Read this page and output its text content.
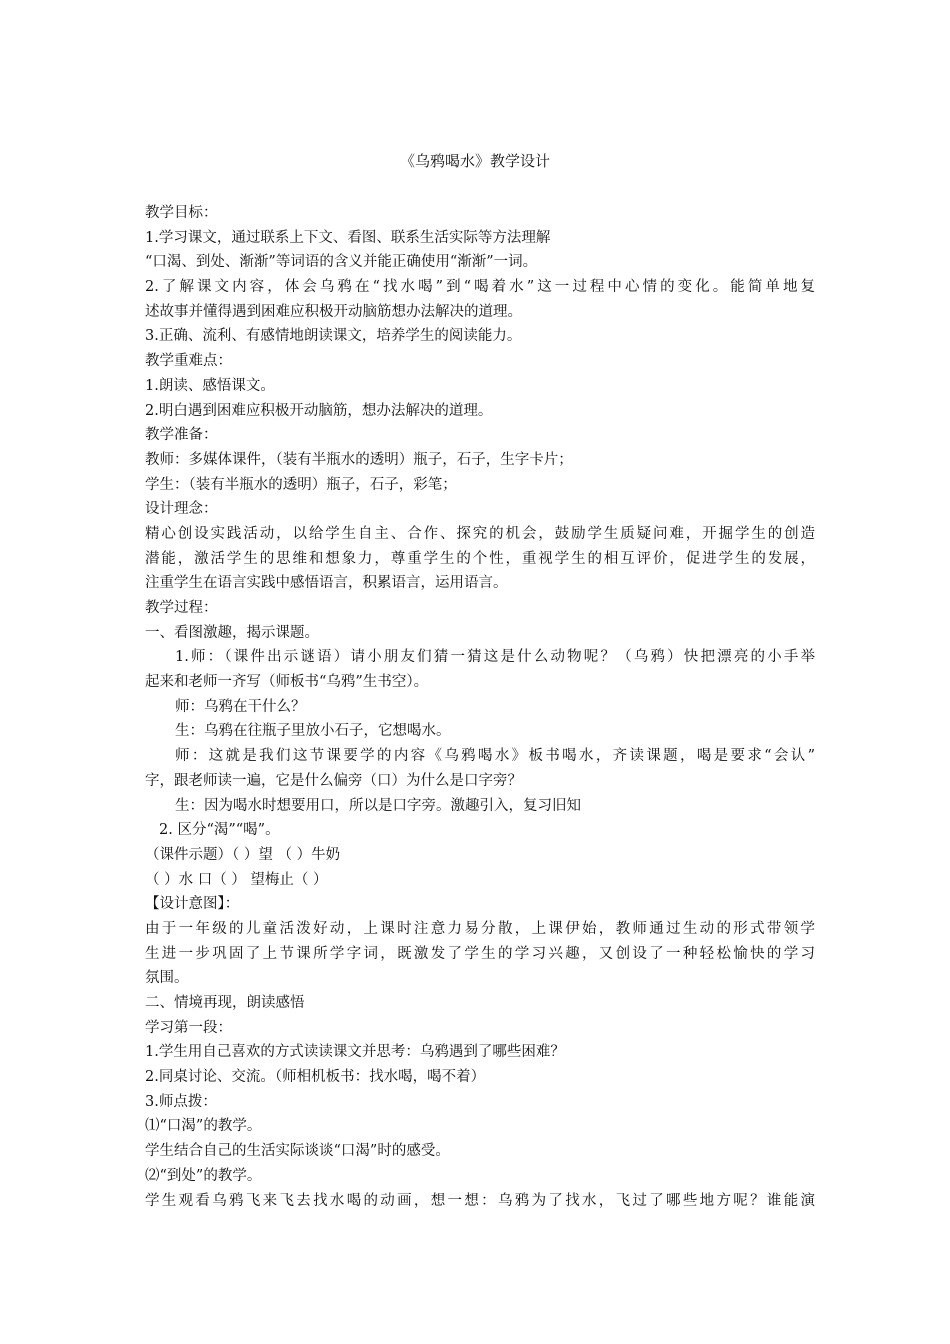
《乌鸦喝水》教学设计
教学目标：
1.学习课文，通过联系上下文、看图、联系生活实际等方法理解
“口渴、到处、渐渐”等词语的含义并能正确使用“渐渐”一词。
2.了解课文内容，体会乌鸦在“找水喝”到“喝着水”这一过程中心情的变化。能简单地复
述故事并懂得遇到困难应积极开动脑筋想办法解决的道理。
3.正确、流利、有感情地朗读课文，培养学生的阅读能力。
教学重难点：
1.朗读、感悟课文。
2.明白遇到困难应积极开动脑筋，想办法解决的道理。
教学准备：
教师：多媒体课件，（装有半瓶水的透明）瓶子，石子，生字卡片；
学生：（装有半瓶水的透明）瓶子，石子，彩笔；
设计理念：
精心创设实践活动，以给学生自主、合作、探究的机会，鼓励学生质疑问难，开掘学生的创造
潜能，激活学生的思维和想象力，尊重学生的个性，重视学生的相互评价，促进学生的发展，
注重学生在语言实践中感悟语言，积累语言，运用语言。
教学过程：
一、看图激趣，揭示课题。
1.师：（课件出示谜语）请小朋友们猜一猜这是什么动物呢？（乌鸦）快把漂亮的小手举
起来和老师一齐写（师板书“乌鸦”生书空）。
师：乌鸦在干什么？
生：乌鸦在往瓶子里放小石子，它想喝水。
师：这就是我们这节课要学的内容《乌鸦喝水》板书喝水，齐读课题，喝是要求“会认”
字，跟老师读一遍，它是什么偏旁（口）为什么是口字旁？
生：因为喝水时想要用口，所以是口字旁。激趣引入，复习旧知
2. 区分“渴”“喝”。
（课件示题）（ ）望 （ ）牛奶
（ ）水 口（ ） 望梅止（ ）
【设计意图】：
由于一年级的儿童活泼好动，上课时注意力易分散，上课伊始，教师通过生动的形式带领学
生进一步巩固了上节课所学字词，既激发了学生的学习兴趣，又创设了一种轻松愉快的学习
氛围。
二、情境再现，朗读感悟
学习第一段：
1.学生用自己喜欢的方式读读课文并思考：乌鸦遇到了哪些困难？
2.同桌讨论、交流。（师相机板书：找水喝，喝不着）
3.师点拨：
⑴“口渴”的教学。
学生结合自己的生活实际谈谈“口渴”时的感受。
⑵“到处”的教学。
学生观看乌鸦飞来飞去找水喝的动画，想一想：乌鸦为了找水，飞过了哪些地方呢？谁能演
